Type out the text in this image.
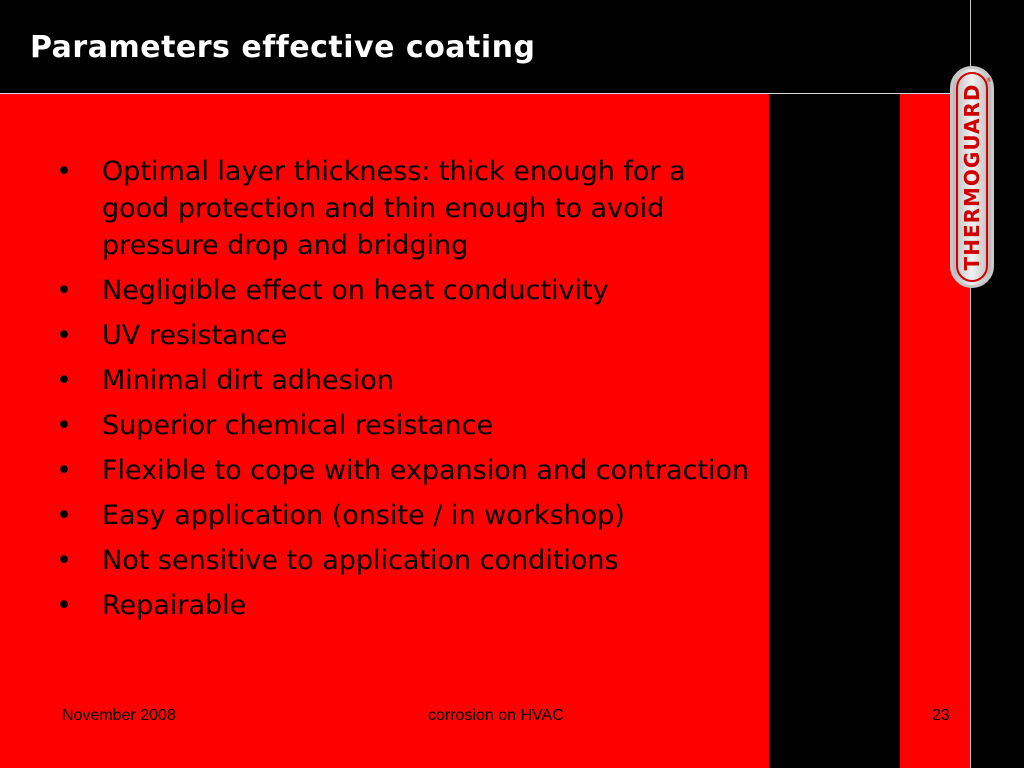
Parameters effective coating
THERMOGUARD
®
•	Optimal layer thickness: thick enough for a good protection and thin enough to avoid pressure drop and bridging
•	Negligible effect on heat conductivity
•	UV resistance
•	Minimal dirt adhesion
•	Superior chemical resistance
•	Flexible to cope with expansion and contraction
•	Easy application (onsite / in workshop)
•	Not sensitive to application conditions
•	Repairable
November 2008	corrosion on HVAC	23
